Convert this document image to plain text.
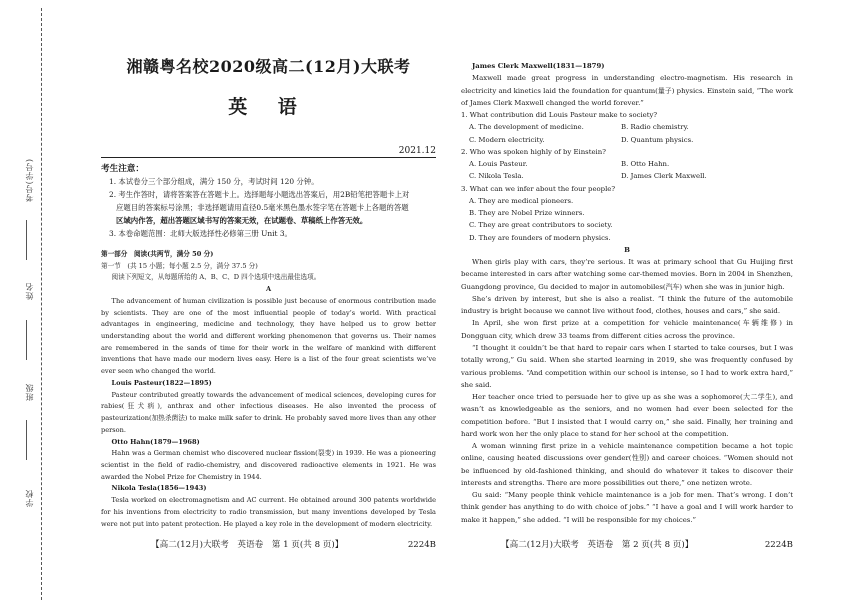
考号(学号)
姓名
班级
学校
湘赣粤名校2020级高二(12月)大联考
英 语
2021.12
考生注意：
1. 本试卷分三个部分组成，满分 150 分，考试时间 120 分钟。
2. 考生作答时，请将答案答在答题卡上。选择题每小题选出答案后，用2B铅笔把答题卡上对
应题目的答案标号涂黑；非选择题请用直径0.5毫米黑色墨水签字笔在答题卡上各题的答题
区域内作答，超出答题区域书写的答案无效，在试题卷、草稿纸上作答无效。
3. 本卷命题范围：北师大版选择性必修第三册 Unit 3。

第一部分　阅读(共两节，满分 50 分)

第一节　(共 15 小题；每小题 2.5 分，满分 37.5 分)

阅读下列短文，从每题所给的 A、B、C、D 四个选项中选出最佳选项。

A

The advancement of human civilization is possible just because of enormous contribution made by scientists. They are one of the most influential people of today’s world. With practical advantages in engineering, medicine and technology, they have helped us to grow better understanding about the world and different working phenomenon that governs us. Their names are remembered in the sands of time for their work in the welfare of mankind with different inventions that have made our modern lives easy. Here is a list of the four great scientists we’ve ever seen who changed the world.

Louis Pasteur(1822—1895)

Pasteur contributed greatly towards the advancement of medical sciences, developing cures for rabies(狂犬病), anthrax and other infectious diseases. He also invented the process of pasteurization(加热杀菌法) to make milk safer to drink. He probably saved more lives than any other person.

Otto Hahn(1879—1968)

Hahn was a German chemist who discovered nuclear fission(裂变) in 1939. He was a pioneering scientist in the field of radio-chemistry, and discovered radioactive elements in 1921. He was awarded the Nobel Prize for Chemistry in 1944.

Nikola Tesla(1856—1943)

Tesla worked on electromagnetism and AC current. He obtained around 300 patents worldwide for his inventions from electricity to radio transmission, but many inventions developed by Tesla were not put into patent protection. He played a key role in the development of modern electricity.

【高二(12月)大联考　英语卷　第 1 页(共 8 页)】	2224B

James Clerk Maxwell(1831—1879)

Maxwell made great progress in understanding electro-magnetism. His research in electricity and kinetics laid the foundation for quantum(量子) physics. Einstein said, “The work of James Clerk Maxwell changed the world forever.”

1. What contribution did Louis Pasteur make to society?

A. The development of medicine.	B. Radio chemistry.
C. Modern electricity.	D. Quantum physics.

2. Who was spoken highly of by Einstein?

A. Louis Pasteur.	B. Otto Hahn.
C. Nikola Tesla.	D. James Clerk Maxwell.

3. What can we infer about the four people?

A. They are medical pioneers.
B. They are Nobel Prize winners.
C. They are great contributors to society.
D. They are founders of modern physics.

B

When girls play with cars, they’re serious. It was at primary school that Gu Huijing first became interested in cars after watching some car-themed movies. Born in 2004 in Shenzhen, Guangdong province, Gu decided to major in automobiles(汽车) when she was in junior high.

She’s driven by interest, but she is also a realist. “I think the future of the automobile industry is bright because we cannot live without food, clothes, houses and cars,” she said.

In April, she won first prize at a competition for vehicle maintenance(车辆维修) in Dongguan city, which drew 33 teams from different cities across the province.

“I thought it couldn’t be that hard to repair cars when I started to take courses, but I was totally wrong,” Gu said. When she started learning in 2019, she was frequently confused by various problems. “And competition within our school is intense, so I had to work extra hard,” she said.

Her teacher once tried to persuade her to give up as she was a sophomore(大二学生), and wasn’t as knowledgeable as the seniors, and no women had ever been selected for the competition before. “But I insisted that I would carry on,” she said. Finally, her training and hard work won her the only place to stand for her school at the competition.

A woman winning first prize in a vehicle maintenance competition became a hot topic online, causing heated discussions over gender(性别) and career choices. “Women should not be influenced by old-fashioned thinking, and should do whatever it takes to discover their interests and strengths. There are more possibilities out there,” one netizen wrote.

Gu said: “Many people think vehicle maintenance is a job for men. That’s wrong. I don’t think gender has anything to do with choice of jobs.” “I have a goal and I will work harder to make it happen,” she added. “I will be responsible for my choices.”

【高二(12月)大联考　英语卷　第 2 页(共 8 页)】	2224B
